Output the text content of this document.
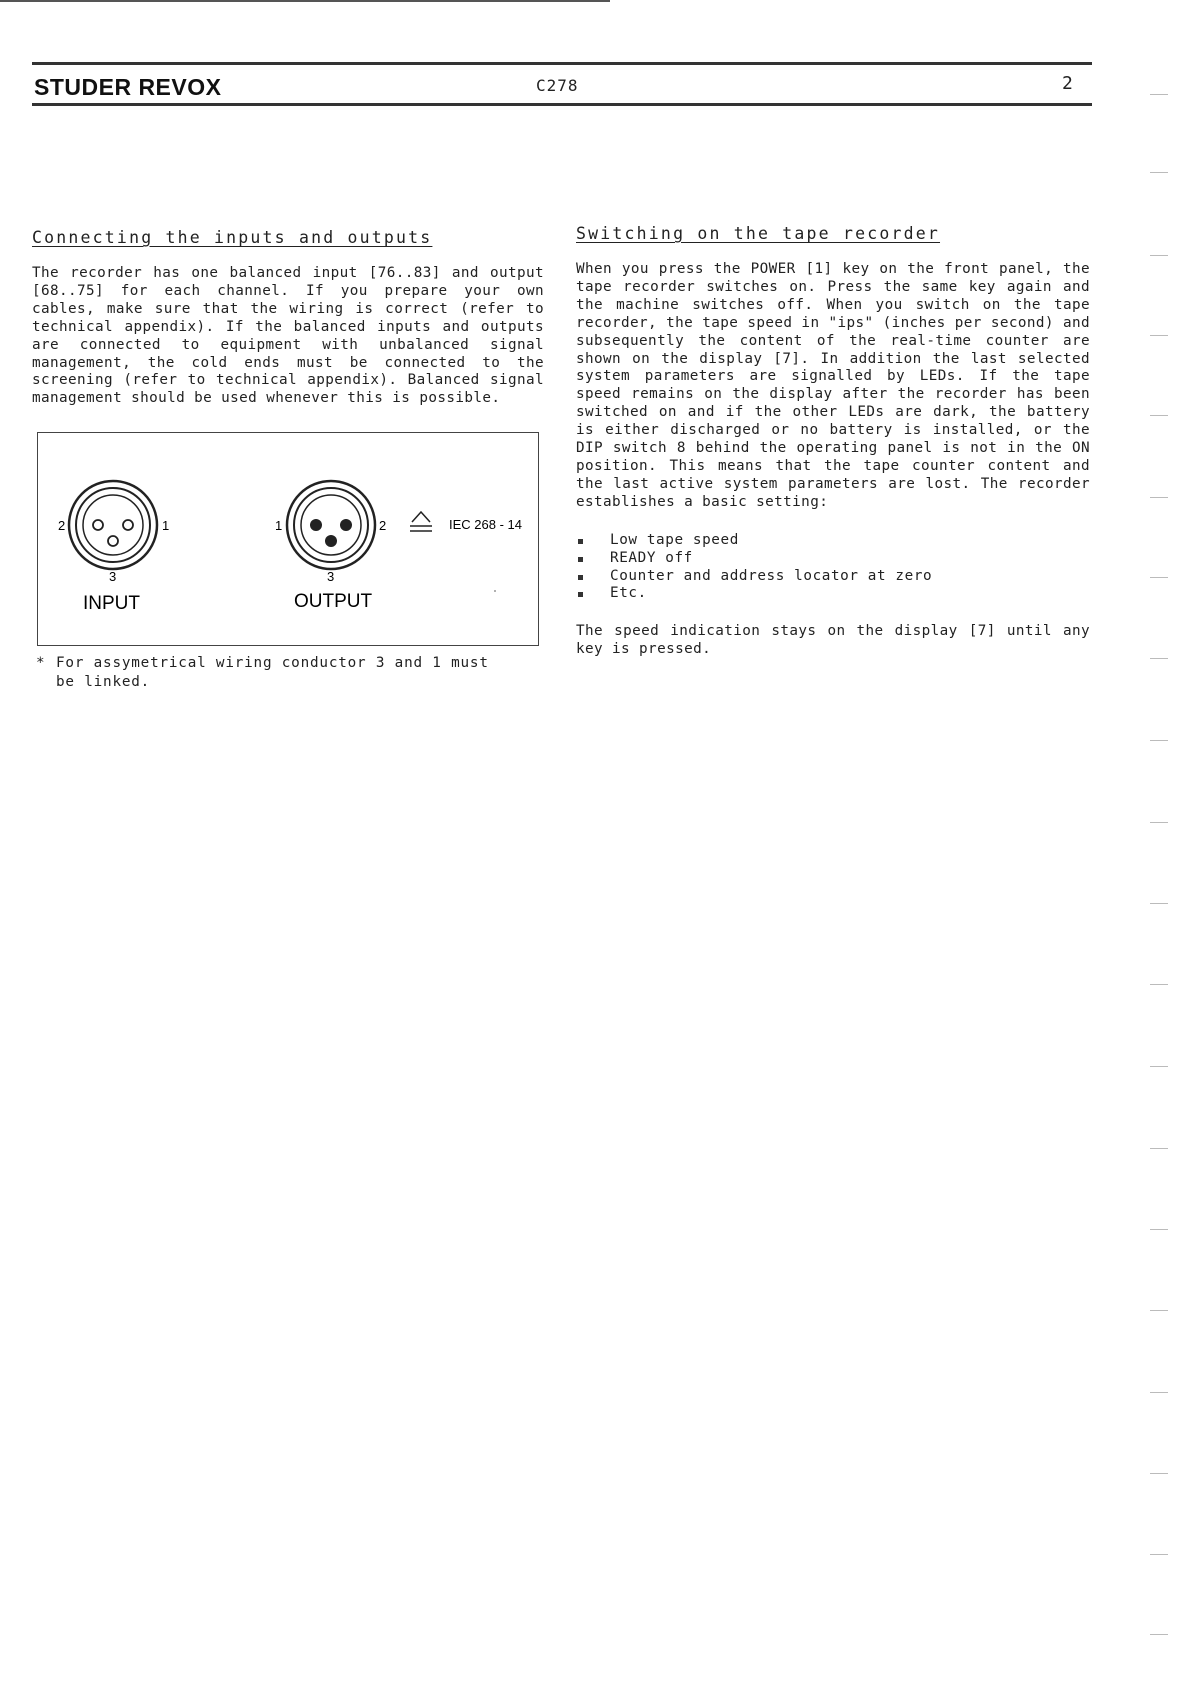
STUDER REVOX	C278	2
Connecting the inputs and outputs

The recorder has one balanced input [76..83] and output [68..75] for each channel. If you prepare your own cables, make sure that the wiring is correct (refer to technical appendix). If the balanced inputs and outputs are connected to equipment with unbalanced signal management, the cold ends must be connected to the screening (refer to technical appendix). Balanced signal management should be used whenever this is possible.

2	1
3
INPUT
1	2
3
OUTPUT
IEC 268 - 14

* For assymetrical wiring conductor 3 and 1 must
be linked.

Switching on the tape recorder

When you press the POWER [1] key on the front panel, the tape recorder switches on. Press the same key again and the machine switches off. When you switch on the tape recorder, the tape speed in "ips" (inches per second) and subsequently the content of the real-time counter are shown on the display [7]. In addition the last selected system parameters are signalled by LEDs. If the tape speed remains on the display after the recorder has been switched on and if the other LEDs are dark, the battery is either discharged or no battery is installed, or the DIP switch 8 behind the operating panel is not in the ON position. This means that the tape counter content and the last active system parameters are lost. The recorder establishes a basic setting:

Low tape speed
READY off
Counter and address locator at zero
Etc.

The speed indication stays on the display [7] until any key is pressed.
